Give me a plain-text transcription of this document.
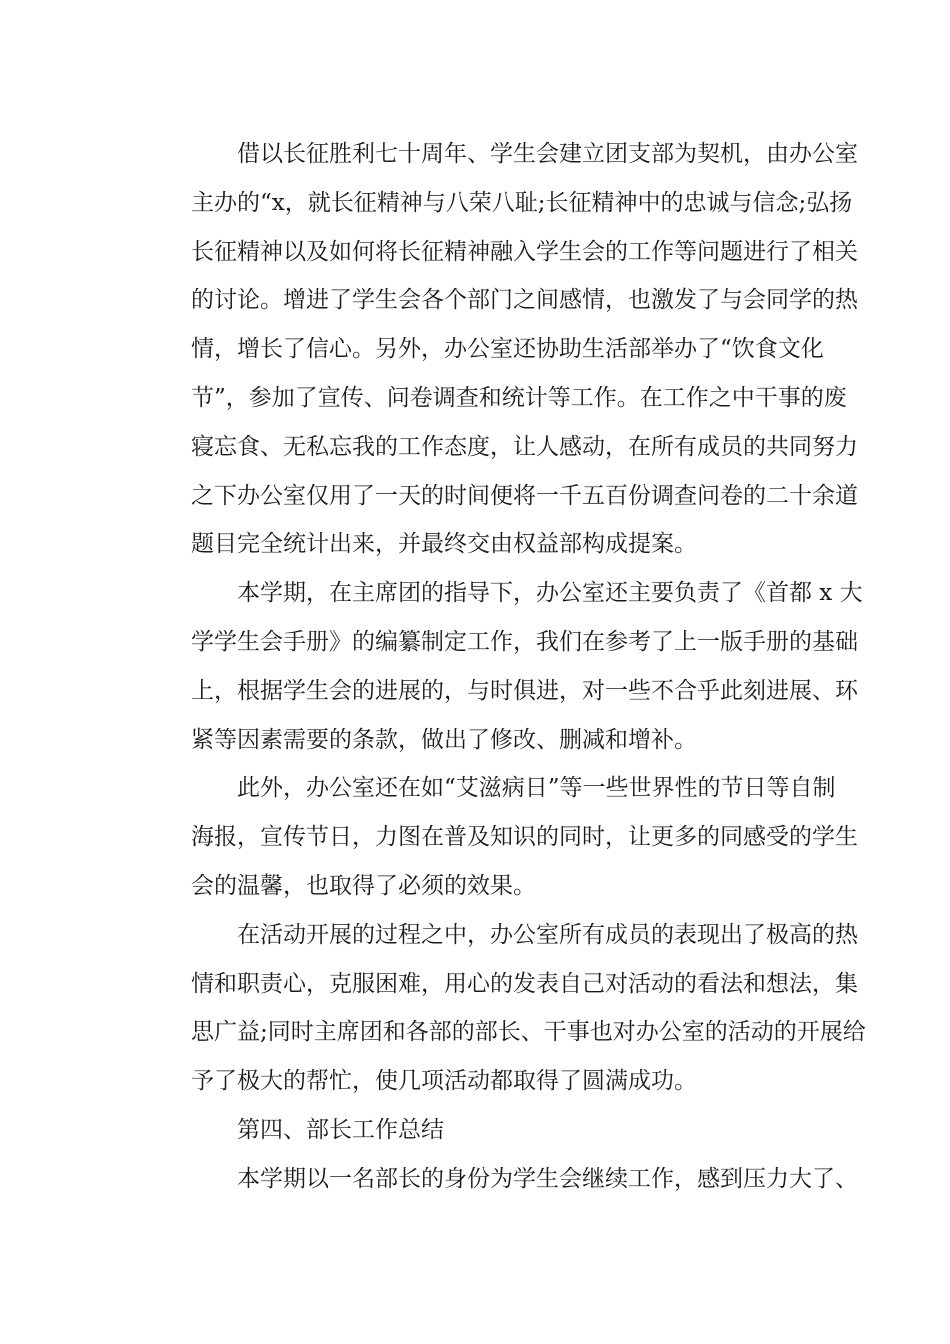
借以长征胜利七十周年、学生会建立团支部为契机，由办公室
主办的“x，就长征精神与八荣八耻;长征精神中的忠诚与信念;弘扬
长征精神以及如何将长征精神融入学生会的工作等问题进行了相关
的讨论。增进了学生会各个部门之间感情，也激发了与会同学的热
情，增长了信心。另外，办公室还协助生活部举办了“饮食文化
节”，参加了宣传、问卷调查和统计等工作。在工作之中干事的废
寝忘食、无私忘我的工作态度，让人感动，在所有成员的共同努力
之下办公室仅用了一天的时间便将一千五百份调查问卷的二十余道
题目完全统计出来，并最终交由权益部构成提案。
本学期，在主席团的指导下，办公室还主要负责了《首都 x 大
学学生会手册》的编纂制定工作，我们在参考了上一版手册的基础
上，根据学生会的进展的，与时俱进，对一些不合乎此刻进展、环
紧等因素需要的条款，做出了修改、删减和增补。
此外，办公室还在如“艾滋病日”等一些世界性的节日等自制
海报，宣传节日，力图在普及知识的同时，让更多的同感受的学生
会的温馨，也取得了必须的效果。
在活动开展的过程之中，办公室所有成员的表现出了极高的热
情和职责心，克服困难，用心的发表自己对活动的看法和想法，集
思广益;同时主席团和各部的部长、干事也对办公室的活动的开展给
予了极大的帮忙，使几项活动都取得了圆满成功。
第四、部长工作总结
本学期以一名部长的身份为学生会继续工作，感到压力大了、
